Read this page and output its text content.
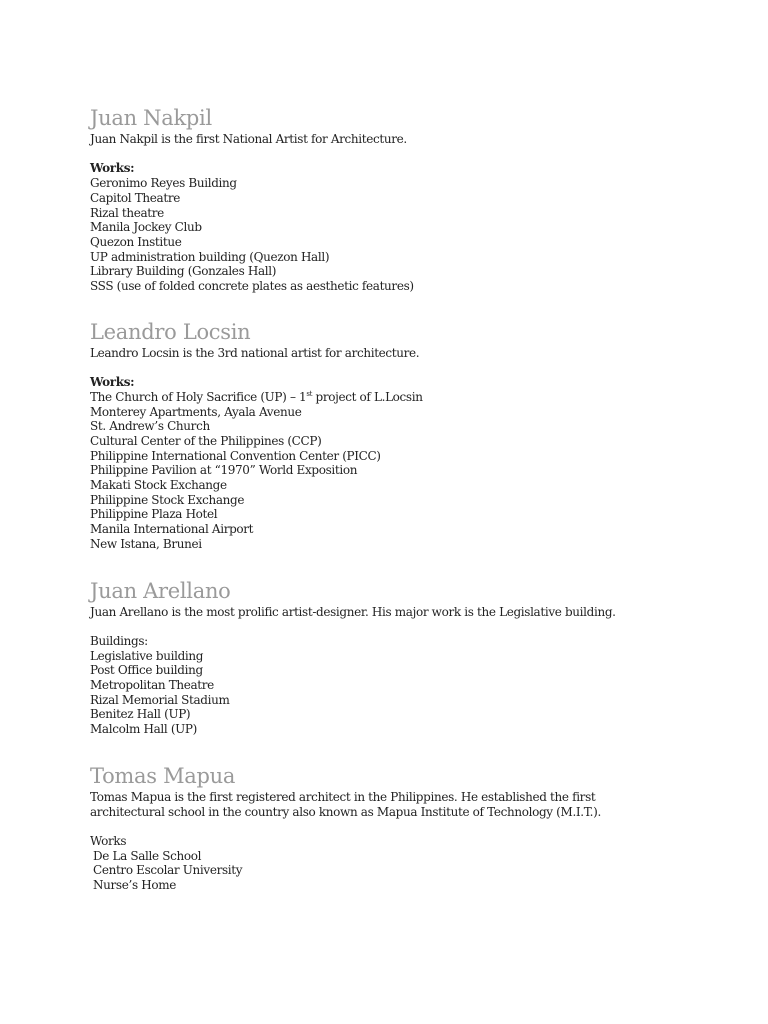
Juan Nakpil

Juan Nakpil is the first National Artist for Architecture.

Works:

Geronimo Reyes Building

Capitol Theatre

Rizal theatre

Manila Jockey Club

Quezon Institue

UP administration building (Quezon Hall)

Library Building (Gonzales Hall)

SSS (use of folded concrete plates as aesthetic features)

Leandro Locsin

Leandro Locsin is the 3rd national artist for architecture.

Works:

The Church of Holy Sacrifice (UP) – 1st project of L.Locsin

Monterey Apartments, Ayala Avenue

St. Andrew’s Church

Cultural Center of the Philippines (CCP)

Philippine International Convention Center (PICC)

Philippine Pavilion at “1970” World Exposition

Makati Stock Exchange

Philippine Stock Exchange

Philippine Plaza Hotel

Manila International Airport

New Istana, Brunei

Juan Arellano

Juan Arellano is the most prolific artist-designer. His major work is the Legislative building.

Buildings:

Legislative building

Post Office building

Metropolitan Theatre

Rizal Memorial Stadium

Benitez Hall (UP)

Malcolm Hall (UP)

Tomas Mapua

Tomas Mapua is the first registered architect in the Philippines. He established the first architectural school in the country also known as Mapua Institute of Technology (M.I.T.).

Works

De La Salle School

Centro Escolar University

Nurse’s Home
